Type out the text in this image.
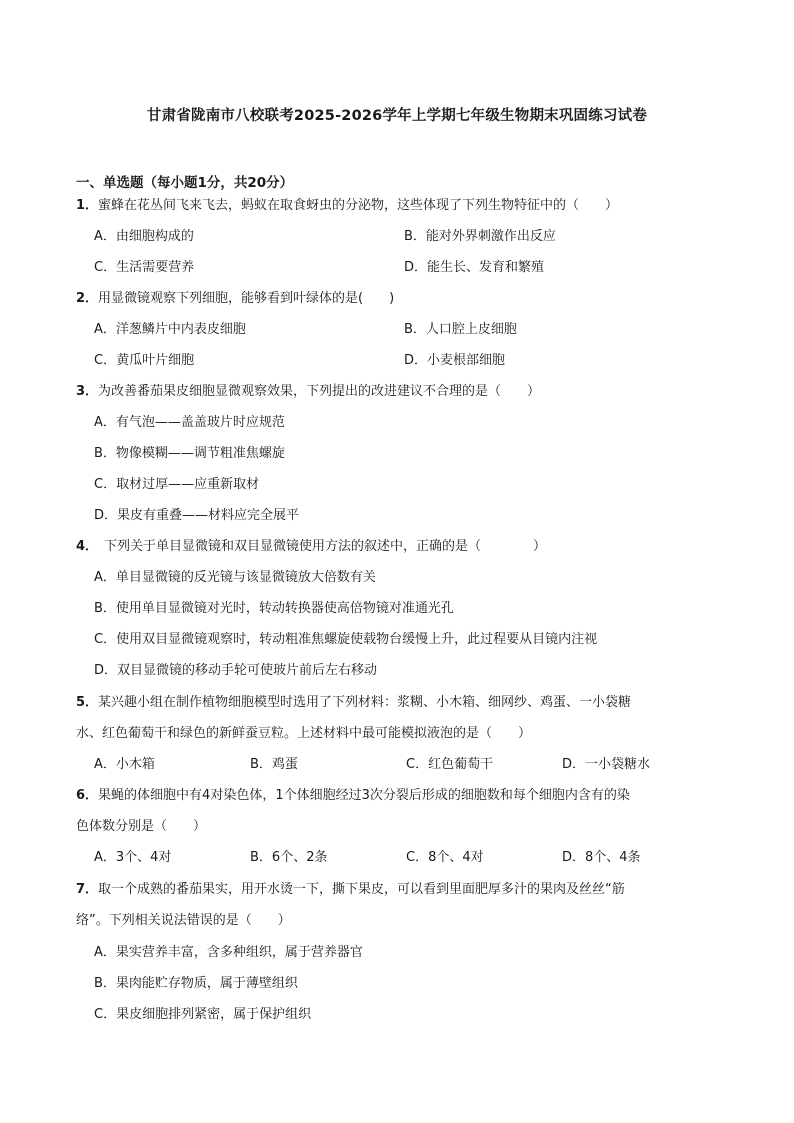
甘肃省陇南市八校联考2025-2026学年上学期七年级生物期末巩固练习试卷
一、单选题（每小题1分，共20分）
1．蜜蜂在花丛间飞来飞去，蚂蚁在取食蚜虫的分泌物，这些体现了下列生物特征中的（　　）
A．由细胞构成的	B．能对外界刺激作出反应
C．生活需要营养	D．能生长、发育和繁殖
2．用显微镜观察下列细胞，能够看到叶绿体的是(　　)
A．洋葱鳞片中内表皮细胞	B．人口腔上皮细胞
C．黄瓜叶片细胞	D．小麦根部细胞
3．为改善番茄果皮细胞显微观察效果，下列提出的改进建议不合理的是（　　）
A．有气泡——盖盖玻片时应规范
B．物像模糊——调节粗准焦螺旋
C．取材过厚——应重新取材
D．果皮有重叠——材料应完全展平
4． 下列关于单目显微镜和双目显微镜使用方法的叙述中，正确的是（　　　　）
A．单目显微镜的反光镜与该显微镜放大倍数有关
B．使用单目显微镜对光时，转动转换器使高倍物镜对准通光孔
C．使用双目显微镜观察时，转动粗准焦螺旋使载物台缓慢上升，此过程要从目镜内注视
D．双目显微镜的移动手轮可使玻片前后左右移动
5．某兴趣小组在制作植物细胞模型时选用了下列材料：浆糊、小木箱、细网纱、鸡蛋、一小袋糖
水、红色葡萄干和绿色的新鲜蚕豆粒。上述材料中最可能模拟液泡的是（　　）
A．小木箱	B．鸡蛋	C．红色葡萄干	D．一小袋糖水
6．果蝇的体细胞中有4对染色体，1个体细胞经过3次分裂后形成的细胞数和每个细胞内含有的染
色体数分别是（　　）
A．3个、4对	B．6个、2条	C．8个、4对	D．8个、4条
7．取一个成熟的番茄果实，用开水烫一下，撕下果皮，可以看到里面肥厚多汁的果肉及丝丝“筋
络”。下列相关说法错误的是（　　）
A．果实营养丰富，含多种组织，属于营养器官
B．果肉能贮存物质，属于薄壁组织
C．果皮细胞排列紧密，属于保护组织
